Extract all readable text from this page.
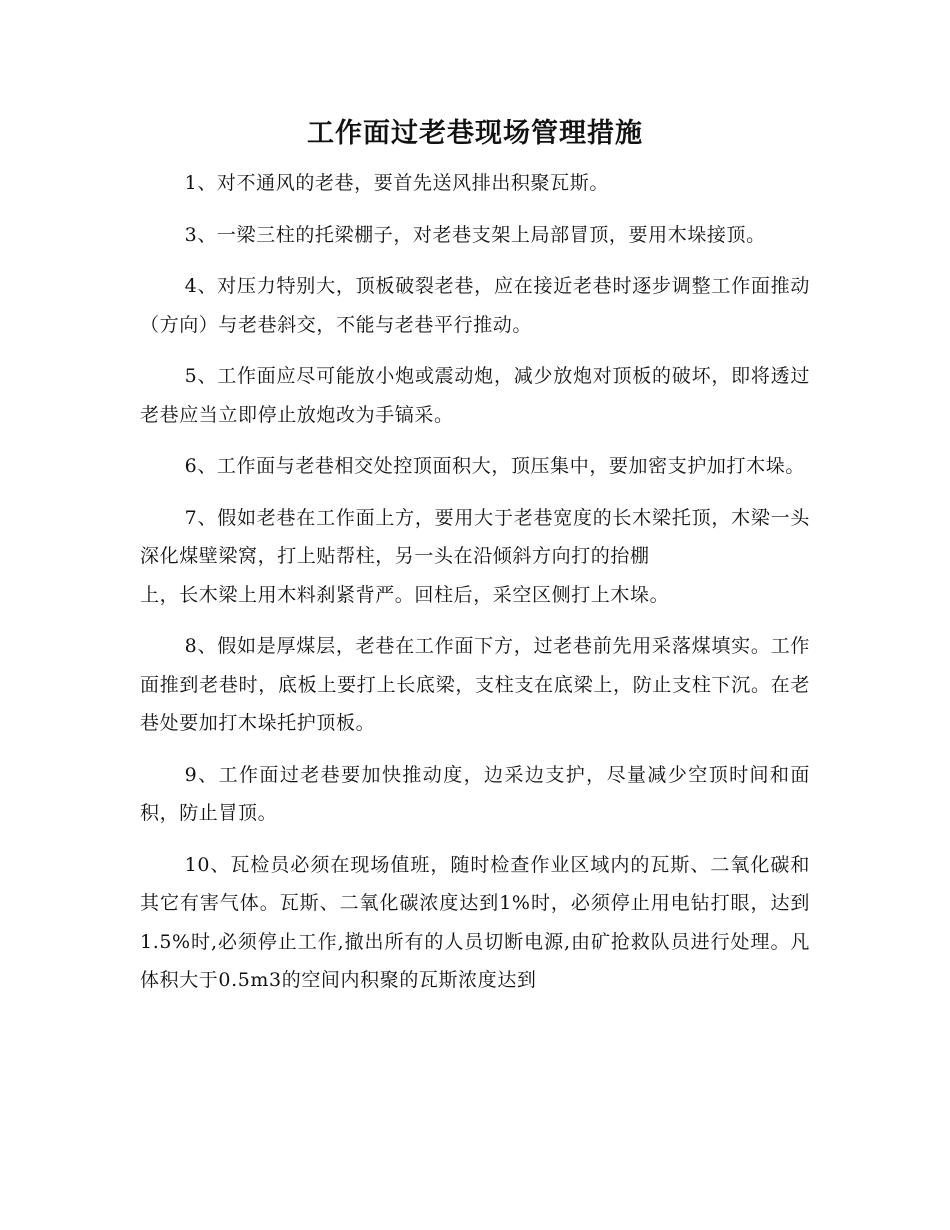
工作面过老巷现场管理措施

1、对不通风的老巷，要首先送风排出积聚瓦斯。

3、一梁三柱的托梁棚子，对老巷支架上局部冒顶，要用木垛接顶。

4、对压力特别大，顶板破裂老巷，应在接近老巷时逐步调整工作面推动（方向）与老巷斜交，不能与老巷平行推动。

5、工作面应尽可能放小炮或震动炮，减少放炮对顶板的破坏，即将透过老巷应当立即停止放炮改为手镐采。

6、工作面与老巷相交处控顶面积大，顶压集中，要加密支护加打木垛。

7、假如老巷在工作面上方，要用大于老巷宽度的长木梁托顶，木梁一头深化煤壁梁窝，打上贴帮柱，另一头在沿倾斜方向打的抬棚
上，长木梁上用木料刹紧背严。回柱后，采空区侧打上木垛。

8、假如是厚煤层，老巷在工作面下方，过老巷前先用采落煤填实。工作面推到老巷时，底板上要打上长底梁，支柱支在底梁上，防止支柱下沉。在老巷处要加打木垛托护顶板。

9、工作面过老巷要加快推动度，边采边支护，尽量减少空顶时间和面积，防止冒顶。

10、瓦检员必须在现场值班，随时检查作业区域内的瓦斯、二氧化碳和其它有害气体。瓦斯、二氧化碳浓度达到1%时，必须停止用电钻打眼，达到1.5%时,必须停止工作,撤出所有的人员切断电源,由矿抢救队员进行处理。凡体积大于0.5m3的空间内积聚的瓦斯浓度达到
